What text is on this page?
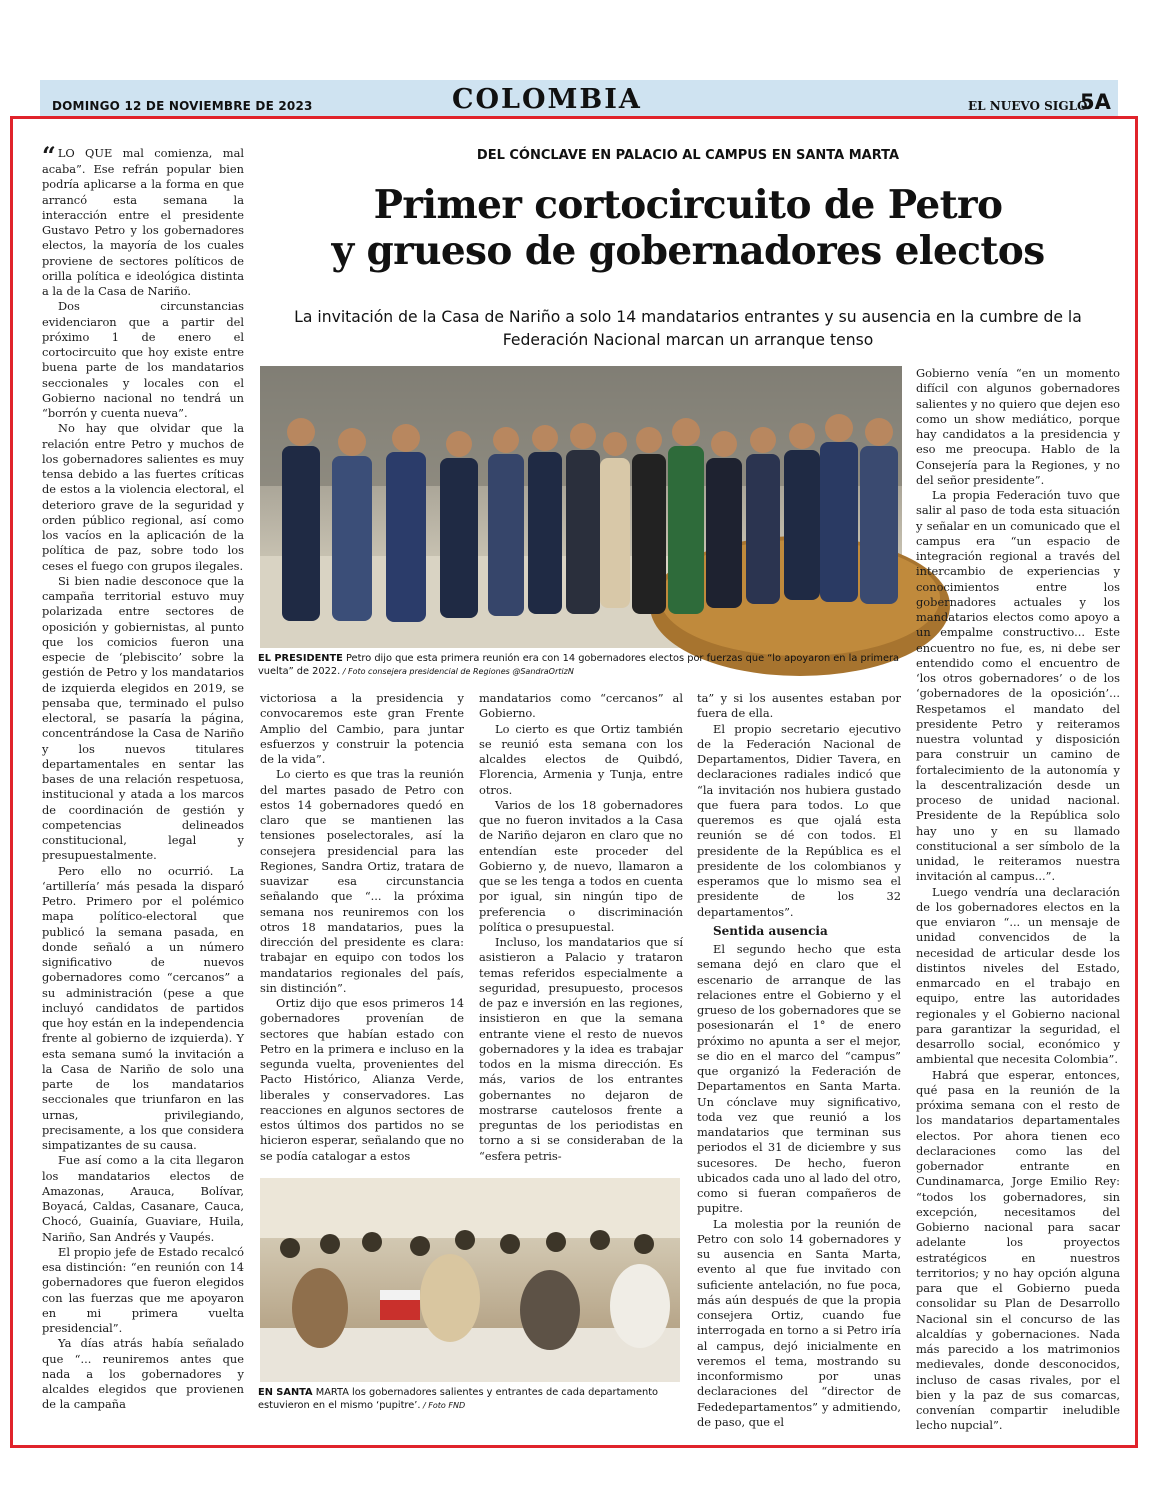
DOMINGO 12 DE NOVIEMBRE DE 2023	COLOMBIA	EL NUEVO SIGLO
5A
DEL CÓNCLAVE EN PALACIO AL CAMPUS EN SANTA MARTA
Primer cortocircuito de Petro
y grueso de gobernadores electos
La invitación de la Casa de Nariño a solo 14 mandatarios entrantes y su ausencia en la cumbre de la Federación Nacional marcan un arranque tenso

“ LO QUE mal comienza, mal acaba”. Ese refrán popular bien podría aplicarse a la forma en que arrancó esta semana la interacción entre el presidente Gustavo Petro y los gobernadores electos, la mayoría de los cuales proviene de sectores políticos de orilla política e ideológica distinta a la de la Casa de Nariño.

Dos circunstancias evidenciaron que a partir del próximo 1 de enero el cortocircuito que hoy existe entre buena parte de los mandatarios seccionales y locales con el Gobierno nacional no tendrá un “borrón y cuenta nueva”.

No hay que olvidar que la relación entre Petro y muchos de los gobernadores salientes es muy tensa debido a las fuertes críticas de estos a la violencia electoral, el deterioro grave de la seguridad y orden público regional, así como los vacíos en la aplicación de la política de paz, sobre todo los ceses el fuego con grupos ilegales.

Si bien nadie desconoce que la campaña territorial estuvo muy polarizada entre sectores de oposición y gobiernistas, al punto que los comicios fueron una especie de ‘plebiscito’ sobre la gestión de Petro y los mandatarios de izquierda elegidos en 2019, se pensaba que, terminado el pulso electoral, se pasaría la página, concentrándose la Casa de Nariño y los nuevos titulares departamentales en sentar las bases de una relación respetuosa, institucional y atada a los marcos de coordinación de gestión y competencias delineados constitucional, legal y presupuestalmente.

Pero ello no ocurrió. La ‘artillería’ más pesada la disparó Petro. Primero por el polémico mapa político-electoral que publicó la semana pasada, en donde señaló a un número significativo de nuevos gobernadores como “cercanos” a su administración (pese a que incluyó candidatos de partidos que hoy están en la independencia frente al gobierno de izquierda). Y esta semana sumó la invitación a la Casa de Nariño de solo una parte de los mandatarios seccionales que triunfaron en las urnas, privilegiando, precisamente, a los que considera simpatizantes de su causa.

Fue así como a la cita llegaron los mandatarios electos de Amazonas, Arauca, Bolívar, Boyacá, Caldas, Casanare, Cauca, Chocó, Guainía, Guaviare, Huila, Nariño, San Andrés y Vaupés.

El propio jefe de Estado recalcó esa distinción: “en reunión con 14 gobernadores que fueron elegidos con las fuerzas que me apoyaron en mi primera vuelta presidencial”.

Ya días atrás había señalado que “... reuniremos antes que nada a los gobernadores y alcaldes elegidos que provienen de la campaña

EL PRESIDENTE Petro dijo que esta primera reunión era con 14 gobernadores electos por fuerzas que “lo apoyaron en la primera vuelta” de 2022. / Foto consejera presidencial de Regiones @SandraOrtizN

victoriosa a la presidencia y convocaremos este gran Frente Amplio del Cambio, para juntar esfuerzos y construir la potencia de la vida”.

Lo cierto es que tras la reunión del martes pasado de Petro con estos 14 gobernadores quedó en claro que se mantienen las tensiones poselectorales, así la consejera presidencial para las Regiones, Sandra Ortiz, tratara de suavizar esa circunstancia señalando que “... la próxima semana nos reuniremos con los otros 18 mandatarios, pues la dirección del presidente es clara: trabajar en equipo con todos los mandatarios regionales del país, sin distinción”.

Ortiz dijo que esos primeros 14 gobernadores provenían de sectores que habían estado con Petro en la primera e incluso en la segunda vuelta, provenientes del Pacto Histórico, Alianza Verde, liberales y conservadores. Las reacciones en algunos sectores de estos últimos dos partidos no se hicieron esperar, señalando que no se podía catalogar a estos

mandatarios como “cercanos” al Gobierno.

Lo cierto es que Ortiz también se reunió esta semana con los alcaldes electos de Quibdó, Florencia, Armenia y Tunja, entre otros.

Varios de los 18 gobernadores que no fueron invitados a la Casa de Nariño dejaron en claro que no entendían este proceder del Gobierno y, de nuevo, llamaron a que se les tenga a todos en cuenta por igual, sin ningún tipo de preferencia o discriminación política o presupuestal.

Incluso, los mandatarios que sí asistieron a Palacio y trataron temas referidos especialmente a seguridad, presupuesto, procesos de paz e inversión en las regiones, insistieron en que la semana entrante viene el resto de nuevos gobernadores y la idea es trabajar todos en la misma dirección. Es más, varios de los entrantes gobernantes no dejaron de mostrarse cautelosos frente a preguntas de los periodistas en torno a si se consideraban de la “esfera petris-

EN SANTA MARTA los gobernadores salientes y entrantes de cada departamento estuvieron en el mismo ‘pupitre’. / Foto FND

ta” y si los ausentes estaban por fuera de ella.

El propio secretario ejecutivo de la Federación Nacional de Departamentos, Didier Tavera, en declaraciones radiales indicó que “la invitación nos hubiera gustado que fuera para todos. Lo que queremos es que ojalá esta reunión se dé con todos. El presidente de la República es el presidente de los colombianos y esperamos que lo mismo sea el presidente de los 32 departamentos”.

Sentida ausencia

El segundo hecho que esta semana dejó en claro que el escenario de arranque de las relaciones entre el Gobierno y el grueso de los gobernadores que se posesionarán el 1° de enero próximo no apunta a ser el mejor, se dio en el marco del “campus” que organizó la Federación de Departamentos en Santa Marta. Un cónclave muy significativo, toda vez que reunió a los mandatarios que terminan sus periodos el 31 de diciembre y sus sucesores. De hecho, fueron ubicados cada uno al lado del otro, como si fueran compañeros de pupitre.

La molestia por la reunión de Petro con solo 14 gobernadores y su ausencia en Santa Marta, evento al que fue invitado con suficiente antelación, no fue poca, más aún después de que la propia consejera Ortiz, cuando fue interrogada en torno a si Petro iría al campus, dejó inicialmente en veremos el tema, mostrando su inconformismo por unas declaraciones del “director de Fededepartamentos” y admitiendo, de paso, que el

Gobierno venía “en un momento difícil con algunos gobernadores salientes y no quiero que dejen eso como un show mediático, porque hay candidatos a la presidencia y eso me preocupa. Hablo de la Consejería para la Regiones, y no del señor presidente”.

La propia Federación tuvo que salir al paso de toda esta situación y señalar en un comunicado que el campus era “un espacio de integración regional a través del intercambio de experiencias y conocimientos entre los gobernadores actuales y los mandatarios electos como apoyo a un empalme constructivo... Este encuentro no fue, es, ni debe ser entendido como el encuentro de ‘los otros gobernadores’ o de los ‘gobernadores de la oposición’... Respetamos el mandato del presidente Petro y reiteramos nuestra voluntad y disposición para construir un camino de fortalecimiento de la autonomía y la descentralización desde un proceso de unidad nacional. Presidente de la República solo hay uno y en su llamado constitucional a ser símbolo de la unidad, le reiteramos nuestra invitación al campus...”.

Luego vendría una declaración de los gobernadores electos en la que enviaron “... un mensaje de unidad convencidos de la necesidad de articular desde los distintos niveles del Estado, enmarcado en el trabajo en equipo, entre las autoridades regionales y el Gobierno nacional para garantizar la seguridad, el desarrollo social, económico y ambiental que necesita Colombia”.

Habrá que esperar, entonces, qué pasa en la reunión de la próxima semana con el resto de los mandatarios departamentales electos. Por ahora tienen eco declaraciones como las del gobernador entrante en Cundinamarca, Jorge Emilio Rey: “todos los gobernadores, sin excepción, necesitamos del Gobierno nacional para sacar adelante los proyectos estratégicos en nuestros territorios; y no hay opción alguna para que el Gobierno pueda consolidar su Plan de Desarrollo Nacional sin el concurso de las alcaldías y gobernaciones. Nada más parecido a los matrimonios medievales, donde desconocidos, incluso de casas rivales, por el bien y la paz de sus comarcas, convenían compartir ineludible lecho nupcial”.
